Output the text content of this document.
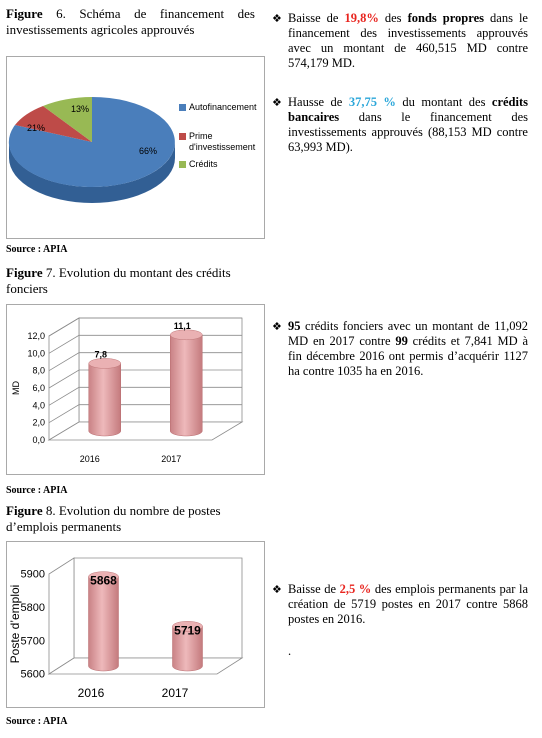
Figure 6. Schéma de financement des investissements agricoles approuvés
66%
21%
13%	Autofinancement
Prime
d'investissement
Crédits
Source : APIA
❖ Baisse de 19,8% des fonds propres dans le financement des investissements approuvés avec un montant de 460,515 MD contre 574,179 MD.
❖ Hausse de 37,75 % du montant des crédits bancaires dans le financement des investissements approuvés (88,153 MD contre 63,993 MD).
Figure 7. Evolution du montant des crédits fonciers
0,0
2,0
4,0
6,0
8,0
10,0
12,0
MD
7,8
2016
11,1
2017
Source : APIA
❖ 95 crédits fonciers avec un montant de 11,092 MD en 2017 contre 99 crédits et 7,841 MD à fin décembre 2016 ont permis d’acquérir 1127 ha contre 1035 ha en 2016.
Figure 8. Evolution du nombre de postes d’emplois permanents
5600
5700
5800
5900
Poste d’emploi
5868
2016
5719
2017
Source : APIA
❖ Baisse de 2,5 % des emplois permanents par la création de 5719 postes en 2017 contre 5868 postes en 2016.
.
